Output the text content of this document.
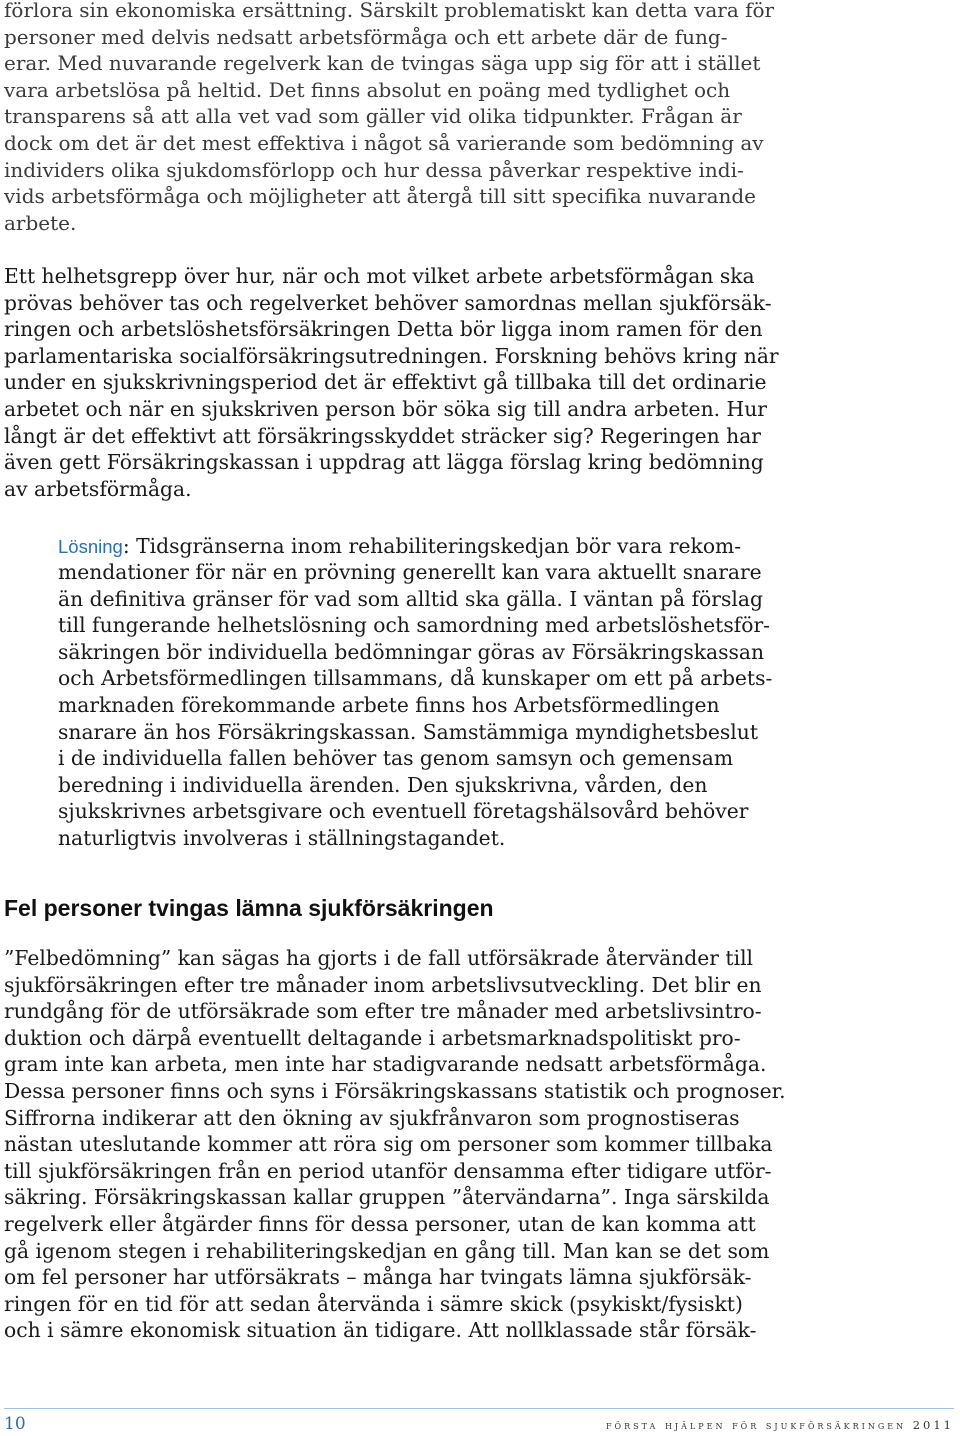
förlora sin ekonomiska ersättning. Särskilt problematiskt kan detta vara för
personer med delvis nedsatt arbetsförmåga och ett arbete där de fung-
erar. Med nuvarande regelverk kan de tvingas säga upp sig för att i stället
vara arbetslösa på heltid. Det finns absolut en poäng med tydlighet och
transparens så att alla vet vad som gäller vid olika tidpunkter. Frågan är
dock om det är det mest effektiva i något så varierande som bedömning av
individers olika sjukdomsförlopp och hur dessa påverkar respektive indi-
vids arbetsförmåga och möjligheter att återgå till sitt specifika nuvarande
arbete.
Ett helhetsgrepp över hur, när och mot vilket arbete arbetsförmågan ska
prövas behöver tas och regelverket behöver samordnas mellan sjukförsäk-
ringen och arbetslöshetsförsäkringen Detta bör ligga inom ramen för den
parlamentariska socialförsäkringsutredningen. Forskning behövs kring när
under en sjukskrivningsperiod det är effektivt gå tillbaka till det ordinarie
arbetet och när en sjukskriven person bör söka sig till andra arbeten. Hur
långt är det effektivt att försäkringsskyddet sträcker sig? Regeringen har
även gett Försäkringskassan i uppdrag att lägga förslag kring bedömning
av arbetsförmåga.
Lösning: Tidsgränserna inom rehabiliteringskedjan bör vara rekom-
mendationer för när en prövning generellt kan vara aktuellt snarare
än definitiva gränser för vad som alltid ska gälla. I väntan på förslag
till fungerande helhetslösning och samordning med arbetslöshetsför-
säkringen bör individuella bedömningar göras av Försäkringskassan
och Arbetsförmedlingen tillsammans, då kunskaper om ett på arbets-
marknaden förekommande arbete finns hos Arbetsförmedlingen
snarare än hos Försäkringskassan. Samstämmiga myndighetsbeslut
i de individuella fallen behöver tas genom samsyn och gemensam
beredning i individuella ärenden. Den sjukskrivna, vården, den
sjukskrivnes arbetsgivare och eventuell företagshälsovård behöver
naturligtvis involveras i ställningstagandet.
Fel personer tvingas lämna sjukförsäkringen
”Felbedömning” kan sägas ha gjorts i de fall utförsäkrade återvänder till
sjukförsäkringen efter tre månader inom arbetslivsutveckling. Det blir en
rundgång för de utförsäkrade som efter tre månader med arbetslivsintro-
duktion och därpå eventuellt deltagande i arbetsmarknadspolitiskt pro-
gram inte kan arbeta, men inte har stadigvarande nedsatt arbetsförmåga.
Dessa personer finns och syns i Försäkringskassans statistik och prognoser.
Siffrorna indikerar att den ökning av sjukfrånvaron som prognostiseras
nästan uteslutande kommer att röra sig om personer som kommer tillbaka
till sjukförsäkringen från en period utanför densamma efter tidigare utför-
säkring. Försäkringskassan kallar gruppen ”återvändarna”. Inga särskilda
regelverk eller åtgärder finns för dessa personer, utan de kan komma att
gå igenom stegen i rehabiliteringskedjan en gång till. Man kan se det som
om fel personer har utförsäkrats – många har tvingats lämna sjukförsäk-
ringen för en tid för att sedan återvända i sämre skick (psykiskt/fysiskt)
och i sämre ekonomisk situation än tidigare. Att nollklassade står försäk-
10	första hjälpen för sjukförsäkringen 2011
